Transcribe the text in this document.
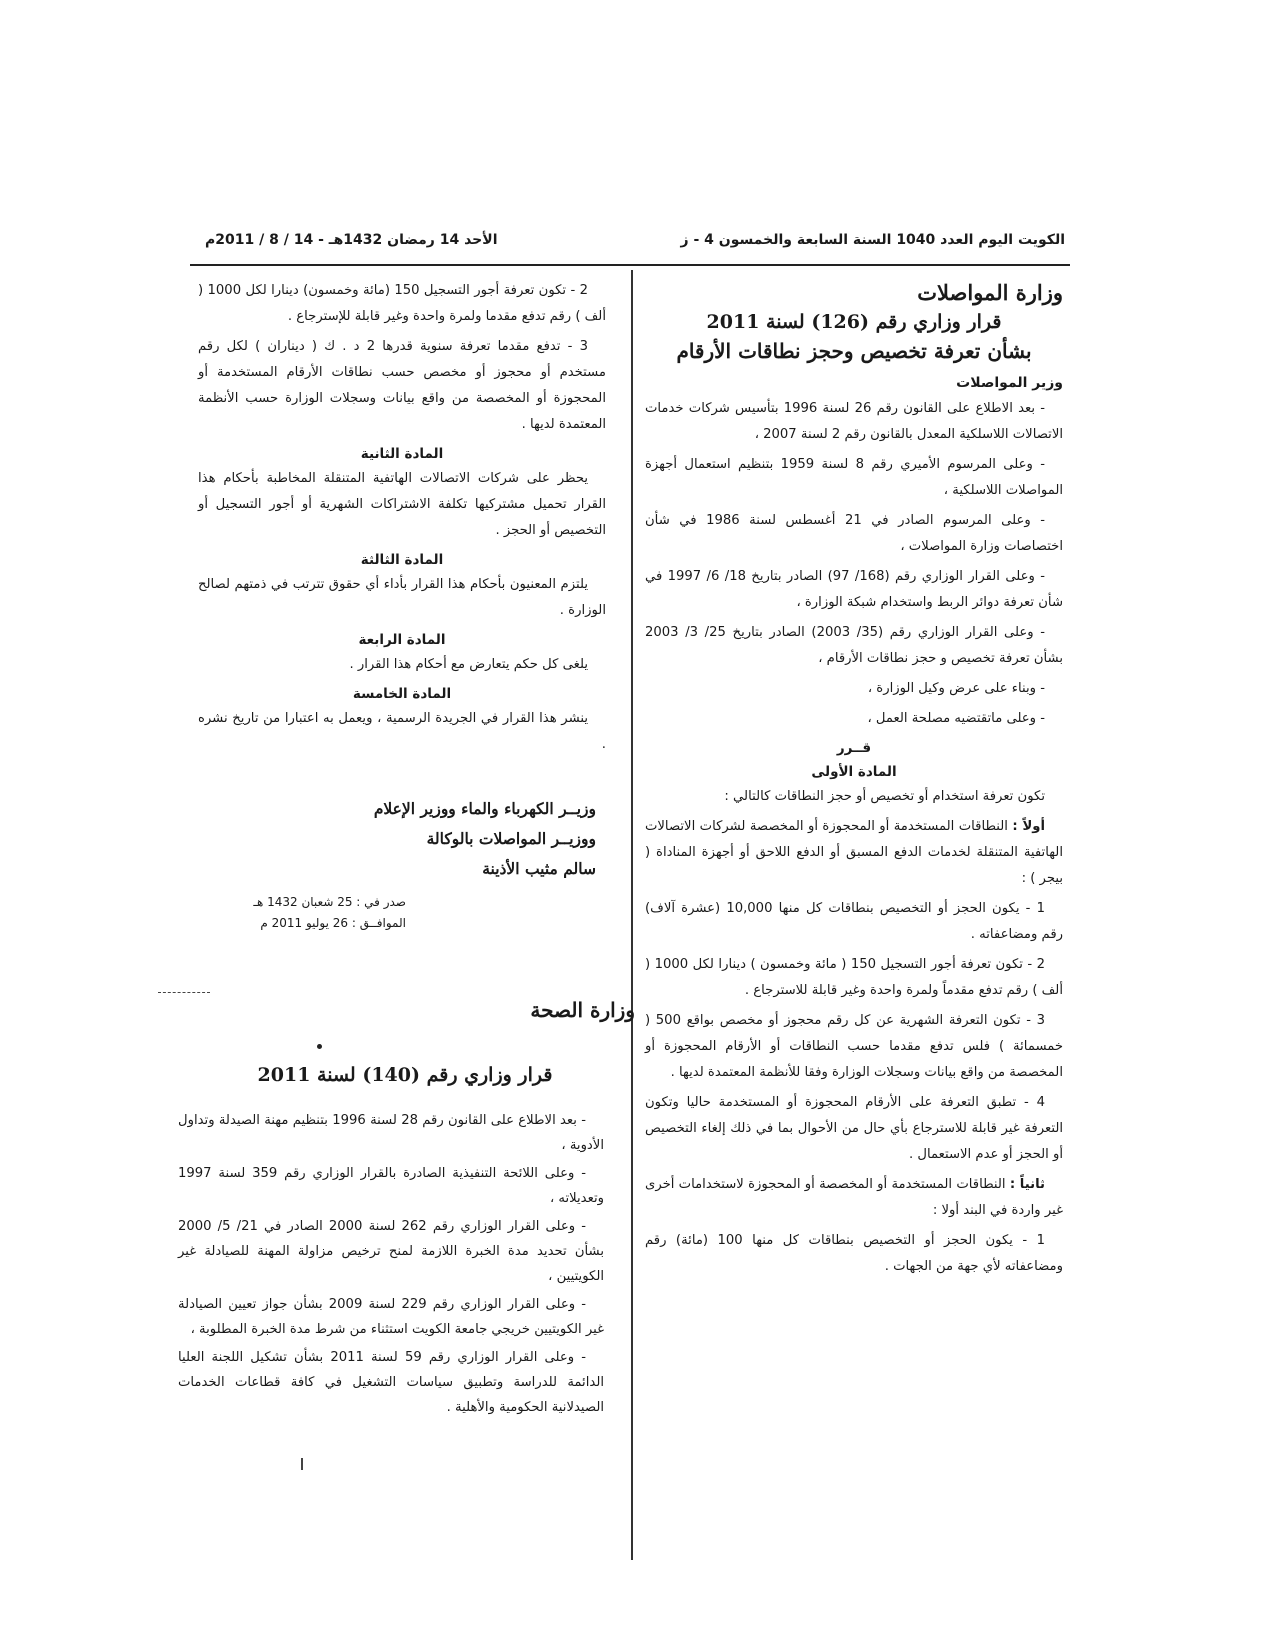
الكويت اليوم العدد 1040 السنة السابعة والخمسون 4 - ز
الأحد 14 رمضان 1432هـ - 14 / 8 / 2011م
وزارة المواصلات
قرار وزاري رقم (126) لسنة 2011
بشأن تعرفة تخصيص وحجز نطاقات الأرقام
وزير المواصلات

- بعد الاطلاع على القانون رقم 26 لسنة 1996 بتأسيس شركات خدمات الاتصالات اللاسلكية المعدل بالقانون رقم 2 لسنة 2007 ،

- وعلى المرسوم الأميري رقم 8 لسنة 1959 بتنظيم استعمال أجهزة المواصلات اللاسلكية ،

- وعلى المرسوم الصادر في 21 أغسطس لسنة 1986 في شأن اختصاصات وزارة المواصلات ،

- وعلى القرار الوزاري رقم (168/ 97) الصادر بتاريخ 18/ 6/ 1997 في شأن تعرفة دوائر الربط واستخدام شبكة الوزارة ،

- وعلى القرار الوزاري رقم (35/ 2003) الصادر بتاريخ 25/ 3/ 2003 بشأن تعرفة تخصيص و حجز نطاقات الأرقام ،

- وبناء على عرض وكيل الوزارة ،

- وعلى ماتقتضيه مصلحة العمل ،

قــرر
المادة الأولى

تكون تعرفة استخدام أو تخصيص أو حجز النطاقات كالتالي :

أولاً : النطاقات المستخدمة أو المحجوزة أو المخصصة لشركات الاتصالات الهاتفية المتنقلة لخدمات الدفع المسبق أو الدفع اللاحق أو أجهزة المناداة ( بيجر ) :

1 - يكون الحجز أو التخصيص بنطاقات كل منها 10,000 (عشرة آلاف) رقم ومضاعفاته .

2 - تكون تعرفة أجور التسجيل 150 ( مائة وخمسون ) دينارا لكل 1000 ( ألف ) رقم تدفع مقدماً ولمرة واحدة وغير قابلة للاسترجاع .

3 - تكون التعرفة الشهرية عن كل رقم محجوز أو مخصص بواقع 500 ( خمسمائة ) فلس تدفع مقدما حسب النطاقات أو الأرقام المحجوزة أو المخصصة من واقع بيانات وسجلات الوزارة وفقا للأنظمة المعتمدة لديها .

4 - تطبق التعرفة على الأرقام المحجوزة أو المستخدمة حاليا وتكون التعرفة غير قابلة للاسترجاع بأي حال من الأحوال بما في ذلك إلغاء التخصيص أو الحجز أو عدم الاستعمال .

ثانياً : النطاقات المستخدمة أو المخصصة أو المحجوزة لاستخدامات أخرى غير واردة في البند أولا :

1 - يكون الحجز أو التخصيص بنطاقات كل منها 100 (مائة) رقم ومضاعفاته لأي جهة من الجهات .

2 - تكون تعرفة أجور التسجيل 150 (مائة وخمسون) دينارا لكل 1000 ( ألف ) رقم تدفع مقدما ولمرة واحدة وغير قابلة للإسترجاع .

3 - تدفع مقدما تعرفة سنوية قدرها 2 د . ك ( ديناران ) لكل رقم مستخدم أو محجوز أو مخصص حسب نطاقات الأرقام المستخدمة أو المحجوزة أو المخصصة من واقع بيانات وسجلات الوزارة حسب الأنظمة المعتمدة لديها .

المادة الثانية

يحظر على شركات الاتصالات الهاتفية المتنقلة المخاطبة بأحكام هذا القرار تحميل مشتركيها تكلفة الاشتراكات الشهرية أو أجور التسجيل أو التخصيص أو الحجز .

المادة الثالثة

يلتزم المعنيون بأحكام هذا القرار بأداء أي حقوق تترتب في ذمتهم لصالح الوزارة .

المادة الرابعة

يلغى كل حكم يتعارض مع أحكام هذا القرار .

المادة الخامسة

ينشر هذا القرار في الجريدة الرسمية ، ويعمل به اعتبارا من تاريخ نشره .

وزيــر الكهرباء والماء ووزير الإعلام
ووزيــر المواصلات بالوكالة
سالم مثيب الأذينة
صدر في : 25 شعبان 1432 هـ
الموافــق : 26 يوليو 2011 م
وزارة الصحة
قرار وزاري رقم (140) لسنة 2011

- بعد الاطلاع على القانون رقم 28 لسنة 1996 بتنظيم مهنة الصيدلة وتداول الأدوية ،

- وعلى اللائحة التنفيذية الصادرة بالقرار الوزاري رقم 359 لسنة 1997 وتعديلاته ،

- وعلى القرار الوزاري رقم 262 لسنة 2000 الصادر في 21/ 5/ 2000 بشأن تحديد مدة الخبرة اللازمة لمنح ترخيص مزاولة المهنة للصيادلة غير الكويتيين ،

- وعلى القرار الوزاري رقم 229 لسنة 2009 بشأن جواز تعيين الصيادلة غير الكويتيين خريجي جامعة الكويت استثناء من شرط مدة الخبرة المطلوبة ،

- وعلى القرار الوزاري رقم 59 لسنة 2011 بشأن تشكيل اللجنة العليا الدائمة للدراسة وتطبيق سياسات التشغيل في كافة قطاعات الخدمات الصيدلانية الحكومية والأهلية .
